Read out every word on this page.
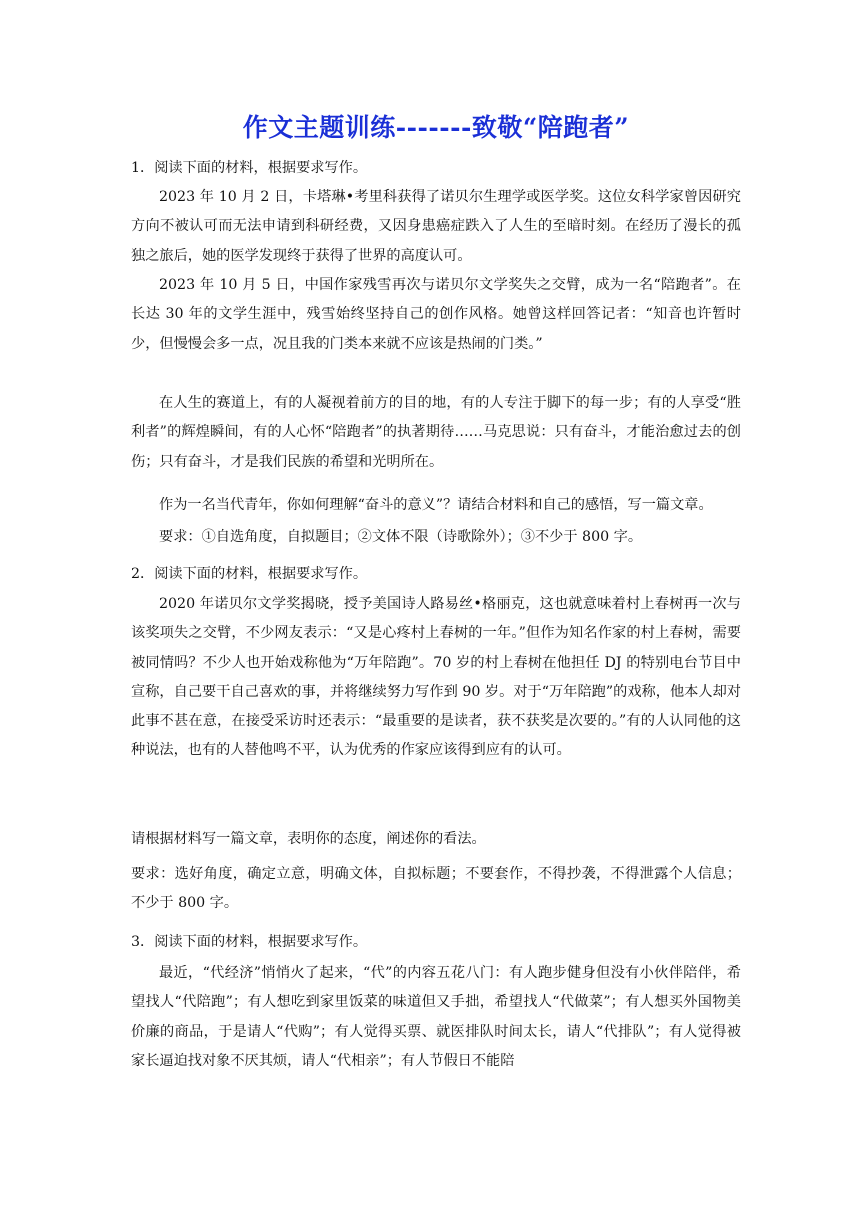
作文主题训练-------致敬“陪跑者”
1．阅读下面的材料，根据要求写作。
2023 年 10 月 2 日，卡塔琳•考里科获得了诺贝尔生理学或医学奖。这位女科学家曾因研究方向不被认可而无法申请到科研经费，又因身患癌症跌入了人生的至暗时刻。在经历了漫长的孤独之旅后，她的医学发现终于获得了世界的高度认可。
2023 年 10 月 5 日，中国作家残雪再次与诺贝尔文学奖失之交臂，成为一名“陪跑者”。在长达 30 年的文学生涯中，残雪始终坚持自己的创作风格。她曾这样回答记者：“知音也许暂时少，但慢慢会多一点，况且我的门类本来就不应该是热闹的门类。”
在人生的赛道上，有的人凝视着前方的目的地，有的人专注于脚下的每一步；有的人享受“胜利者”的辉煌瞬间，有的人心怀“陪跑者”的执著期待……马克思说：只有奋斗，才能治愈过去的创伤；只有奋斗，才是我们民族的希望和光明所在。
作为一名当代青年，你如何理解“奋斗的意义”？请结合材料和自己的感悟，写一篇文章。
要求：①自选角度，自拟题目；②文体不限（诗歌除外）；③不少于 800 字。
2．阅读下面的材料，根据要求写作。
2020 年诺贝尔文学奖揭晓，授予美国诗人路易丝•格丽克，这也就意味着村上春树再一次与该奖项失之交臂，不少网友表示：“又是心疼村上春树的一年。”但作为知名作家的村上春树，需要被同情吗？不少人也开始戏称他为“万年陪跑”。70 岁的村上春树在他担任 DJ 的特别电台节目中宣称，自己要干自己喜欢的事，并将继续努力写作到 90 岁。对于“万年陪跑”的戏称，他本人却对此事不甚在意，在接受采访时还表示：“最重要的是读者，获不获奖是次要的。”有的人认同他的这种说法，也有的人替他鸣不平，认为优秀的作家应该得到应有的认可。
请根据材料写一篇文章，表明你的态度，阐述你的看法。
要求：选好角度，确定立意，明确文体，自拟标题；不要套作，不得抄袭，不得泄露个人信息；不少于 800 字。
3．阅读下面的材料，根据要求写作。
最近，“代经济”悄悄火了起来，“代”的内容五花八门：有人跑步健身但没有小伙伴陪伴，希望找人“代陪跑”；有人想吃到家里饭菜的味道但又手拙，希望找人“代做菜”；有人想买外国物美价廉的商品，于是请人“代购”；有人觉得买票、就医排队时间太长，请人“代排队”；有人觉得被家长逼迫找对象不厌其烦，请人“代相亲”；有人节假日不能陪
